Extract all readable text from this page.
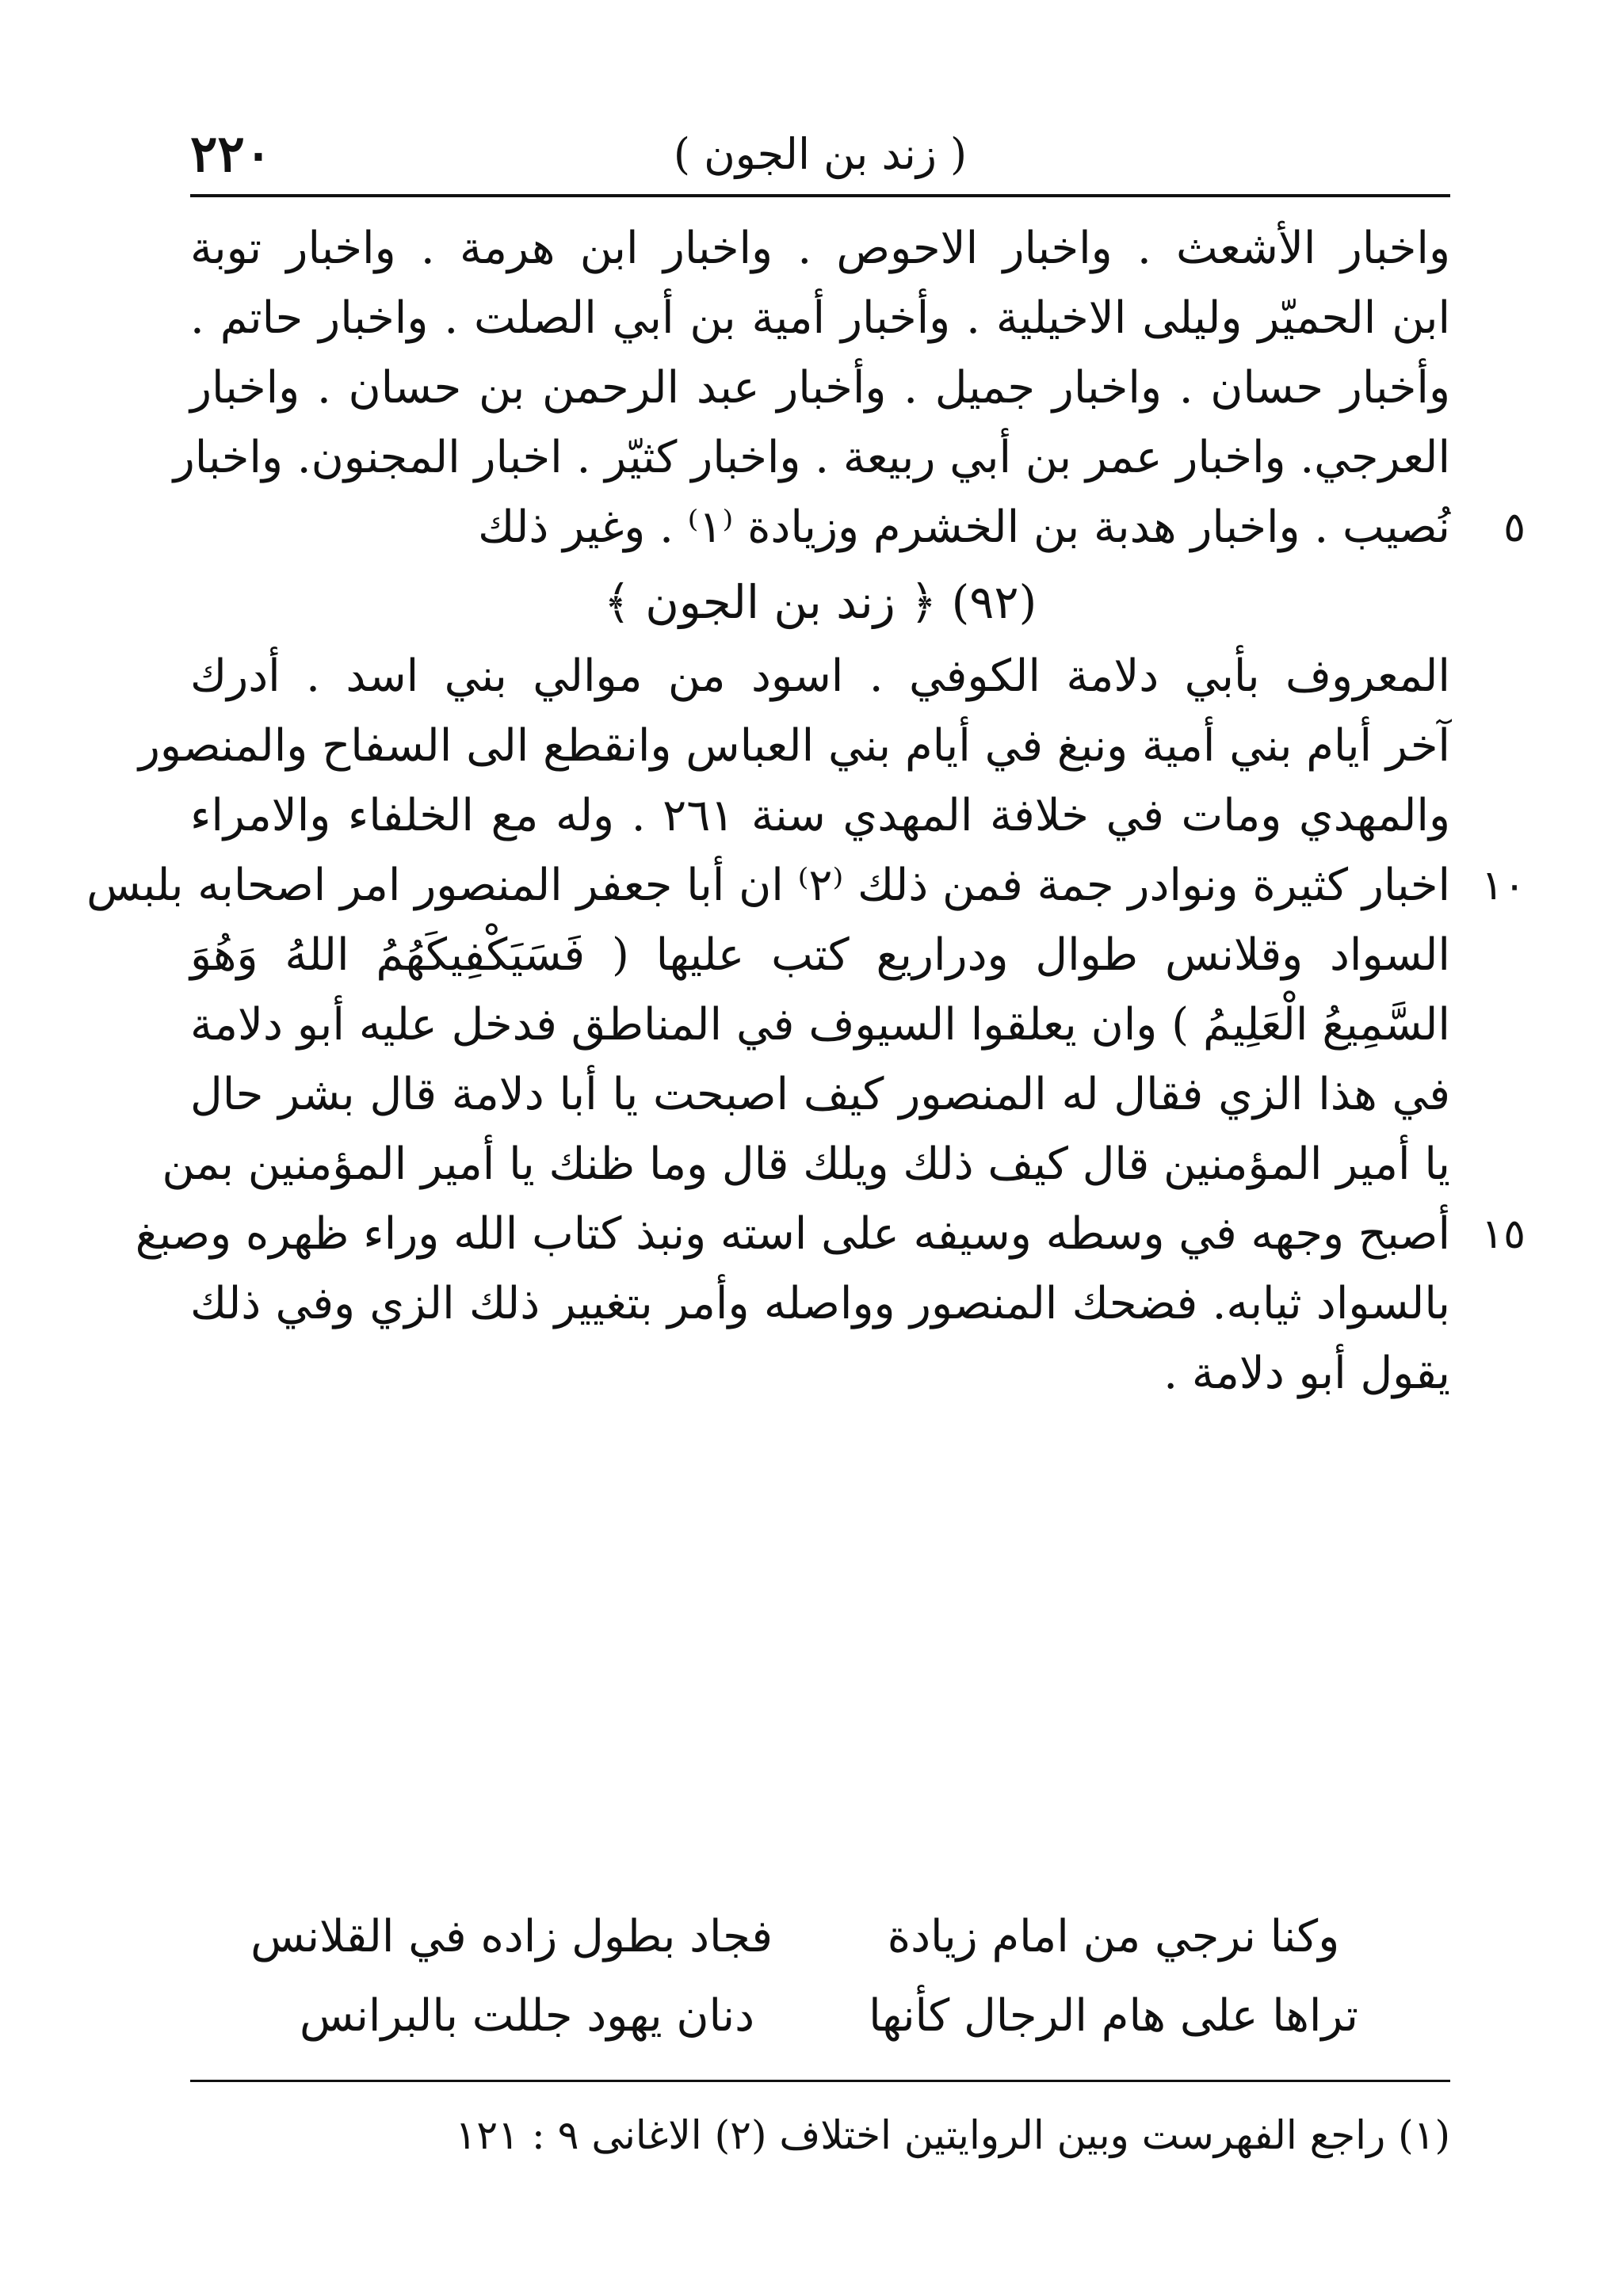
٢٢٠	( زند بن الجون )
واخبار الأشعث . واخبار الاحوص . واخبار ابن هرمة . واخبار توبة
ابن الحميّر وليلى الاخيلية . وأخبار أمية بن أبي الصلت . واخبار حاتم .
وأخبار حسان . واخبار جميل . وأخبار عبد الرحمن بن حسان . واخبار
العرجي. واخبار عمر بن أبي ربيعة . واخبار كثيّر . اخبار المجنون. واخبار
٥
نُصيب . واخبار هدبة بن الخشرم وزيادة ⁽١⁾ . وغير ذلك
(٩٢) ﴿ زند بن الجون ﴾
المعروف بأبي دلامة الكوفي . اسود من موالي بني اسد . أدرك
آخر أيام بني أمية ونبغ في أيام بني العباس وانقطع الى السفاح والمنصور
والمهدي ومات في خلافة المهدي سنة ٢٦١ . وله مع الخلفاء والامراء
١٠
اخبار كثيرة ونوادر جمة فمن ذلك ⁽٢⁾ ان أبا جعفر المنصور امر اصحابه بلبس
السواد وقلانس طوال ودراريع كتب عليها ( فَسَيَكْفِيكَهُمُ اللهُ وَهُوَ
السَّمِيعُ الْعَلِيمُ ) وان يعلقوا السيوف في المناطق فدخل عليه أبو دلامة
في هذا الزي فقال له المنصور كيف اصبحت يا أبا دلامة قال بشر حال
يا أمير المؤمنين قال كيف ذلك ويلك قال وما ظنك يا أمير المؤمنين بمن
١٥
أصبح وجهه في وسطه وسيفه على استه ونبذ كتاب الله وراء ظهره وصبغ
بالسواد ثيابه. فضحك المنصور وواصله وأمر بتغيير ذلك الزي وفي ذلك
يقول أبو دلامة .
وكنا نرجي من امام زيادة
فجاد بطول زاده في القلانس
تراها على هام الرجال كأنها
دنان يهود جللت بالبرانس
(١) راجع الفهرست وبين الروايتين اختلاف (٢) الاغانى ٩ : ١٢١
